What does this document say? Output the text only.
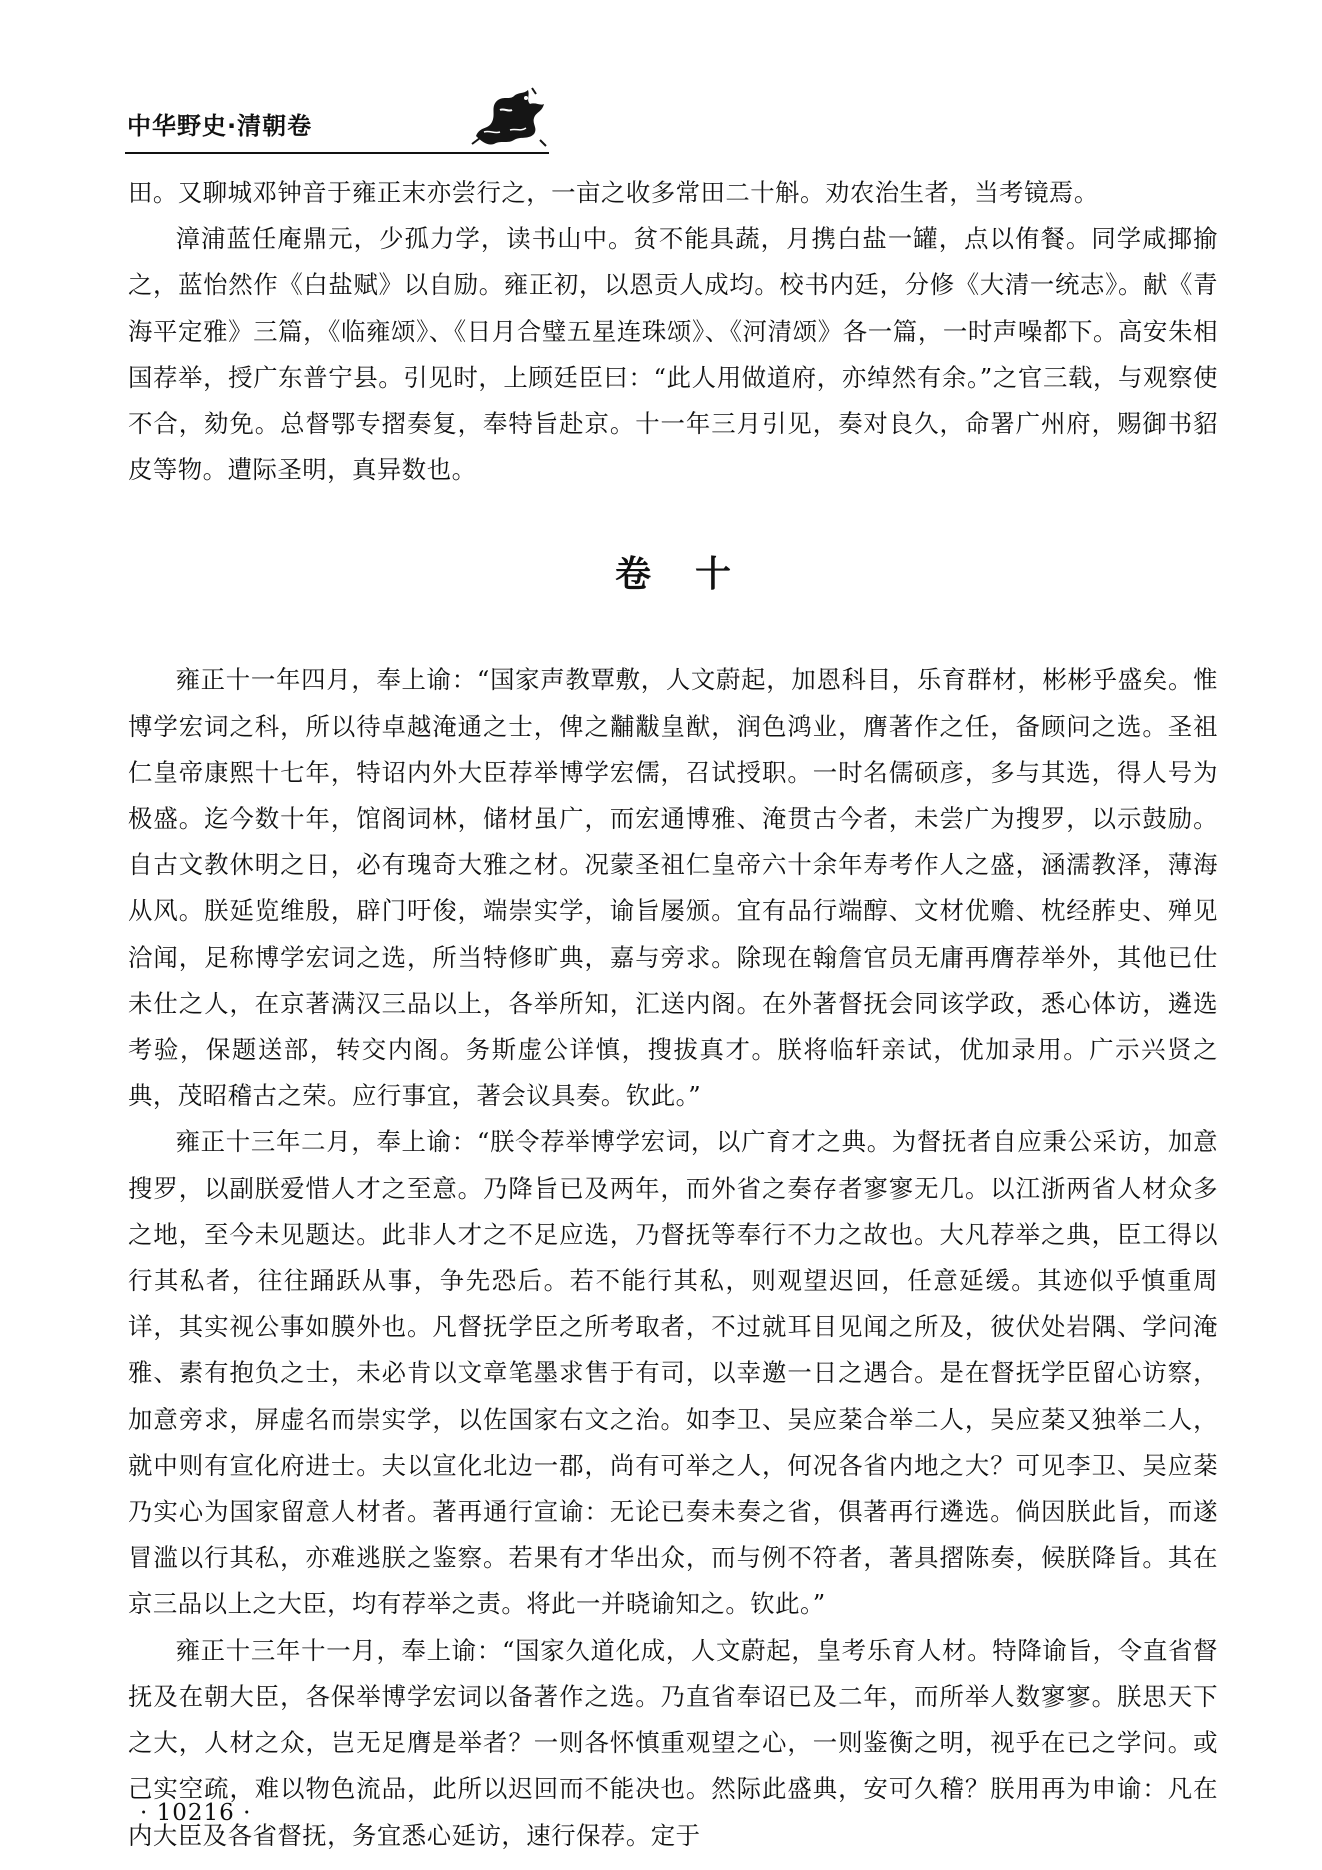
中华野史·清朝卷

田。又聊城邓钟音于雍正末亦尝行之，一亩之收多常田二十斛。劝农治生者，当考镜焉。

漳浦蓝任庵鼎元，少孤力学，读书山中。贫不能具蔬，月携白盐一罐，点以侑餐。同学咸揶揄之，蓝怡然作《白盐赋》以自励。雍正初，以恩贡人成均。校书内廷，分修《大清一统志》。献《青海平定雅》三篇，《临雍颂》、《日月合璧五星连珠颂》、《河清颂》各一篇，一时声噪都下。高安朱相国荐举，授广东普宁县。引见时，上顾廷臣曰：“此人用做道府，亦绰然有余。”之官三载，与观察使不合，劾免。总督鄂专摺奏复，奉特旨赴京。十一年三月引见，奏对良久，命署广州府，赐御书貂皮等物。遭际圣明，真异数也。

卷十

雍正十一年四月，奉上谕：“国家声教覃敷，人文蔚起，加恩科目，乐育群材，彬彬乎盛矣。惟博学宏词之科，所以待卓越淹通之士，俾之黼黻皇猷，润色鸿业，膺著作之任，备顾问之选。圣祖仁皇帝康熙十七年，特诏内外大臣荐举博学宏儒，召试授职。一时名儒硕彦，多与其选，得人号为极盛。迄今数十年，馆阁词林，储材虽广，而宏通博雅、淹贯古今者，未尝广为搜罗，以示鼓励。自古文教休明之日，必有瑰奇大雅之材。况蒙圣祖仁皇帝六十余年寿考作人之盛，涵濡教泽，薄海从风。朕延览维殷，辟门吁俊，端崇实学，谕旨屡颁。宜有品行端醇、文材优赡、枕经葄史、殚见洽闻，足称博学宏词之选，所当特修旷典，嘉与旁求。除现在翰詹官员无庸再膺荐举外，其他已仕未仕之人，在京著满汉三品以上，各举所知，汇送内阁。在外著督抚会同该学政，悉心体访，遴选考验，保题送部，转交内阁。务斯虚公详慎，搜拔真才。朕将临轩亲试，优加录用。广示兴贤之典，茂昭稽古之荣。应行事宜，著会议具奏。钦此。”

雍正十三年二月，奉上谕：“朕令荐举博学宏词，以广育才之典。为督抚者自应秉公采访，加意搜罗，以副朕爱惜人才之至意。乃降旨已及两年，而外省之奏存者寥寥无几。以江浙两省人材众多之地，至今未见题达。此非人才之不足应选，乃督抚等奉行不力之故也。大凡荐举之典，臣工得以行其私者，往往踊跃从事，争先恐后。若不能行其私，则观望迟回，任意延缓。其迹似乎慎重周详，其实视公事如膜外也。凡督抚学臣之所考取者，不过就耳目见闻之所及，彼伏处岩隅、学问淹雅、素有抱负之士，未必肯以文章笔墨求售于有司，以幸邀一日之遇合。是在督抚学臣留心访察，加意旁求，屏虚名而崇实学，以佐国家右文之治。如李卫、吴应棻合举二人，吴应棻又独举二人，就中则有宣化府进士。夫以宣化北边一郡，尚有可举之人，何况各省内地之大？可见李卫、吴应棻乃实心为国家留意人材者。著再通行宣谕：无论已奏未奏之省，俱著再行遴选。倘因朕此旨，而遂冒滥以行其私，亦难逃朕之鉴察。若果有才华出众，而与例不符者，著具摺陈奏，候朕降旨。其在京三品以上之大臣，均有荐举之责。将此一并晓谕知之。钦此。”

雍正十三年十一月，奉上谕：“国家久道化成，人文蔚起，皇考乐育人材。特降谕旨，令直省督抚及在朝大臣，各保举博学宏词以备著作之选。乃直省奉诏已及二年，而所举人数寥寥。朕思天下之大，人材之众，岂无足膺是举者？一则各怀慎重观望之心，一则鉴衡之明，视乎在已之学问。或己实空疏，难以物色流品，此所以迟回而不能决也。然际此盛典，安可久稽？朕用再为申谕：凡在内大臣及各省督抚，务宜悉心延访，速行保荐。定于

· 10216 ·
